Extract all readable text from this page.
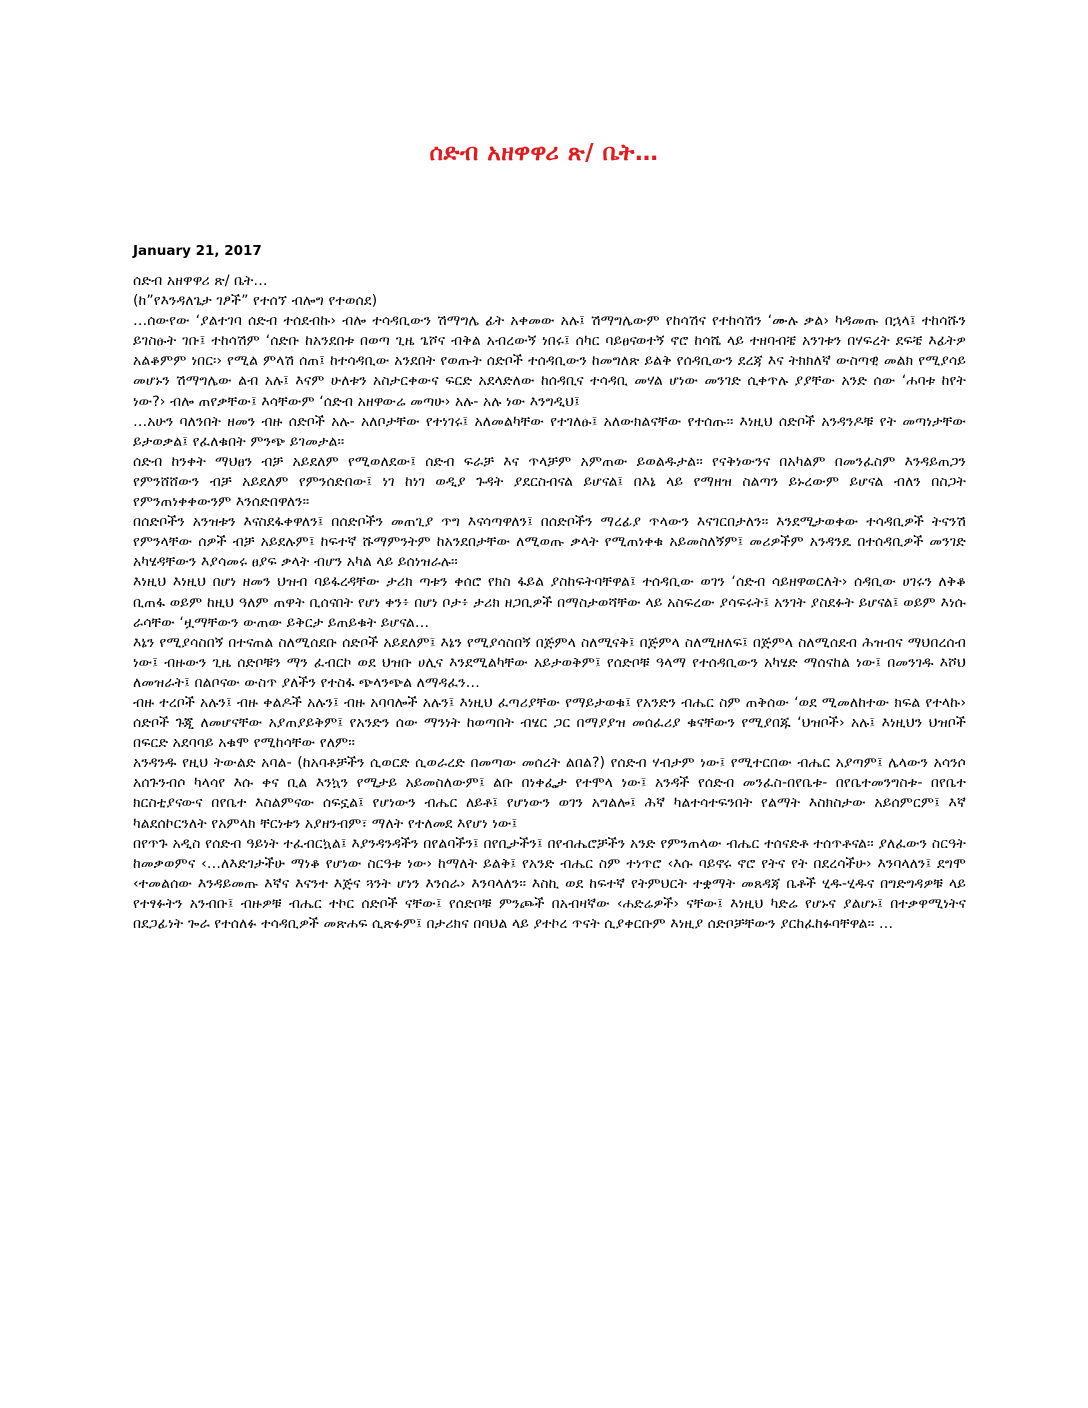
ሰድብ አዘዋዋሪ ጽ/ ቤት…
January 21, 2017

ሰድብ አዘዋዋሪ ጽ/ ቤት…

(ከ”የእንዳለጌታ ገፆች” የተሰኘ ብሎግ የተወሰደ)

…ሰውየው ‘ያልተገባ ሰድብ ተሰደብኩ› ብሎ ተሳዳቢውን ሽማግሌ ፊት አቀመው አሉ፤ ሽማግሌውም የከሳሽና የተከሳሽን ‘ሙሉ ቃል› ካዳመጡ በኋላ፤ ተከሳሹን ይገስፁት ገቡ፤ ተከሳሽም ‘ሰድቡ ከአንደበቱ በወጣ ጊዜ ጌሾና ብቅል አብረውኝ ነበሩ፤ ሰካር ባይፀናወተኝ ኖሮ ከሳሼ ላይ ተዘባብቼ አንገቱን በሃፍረት ደፍቼ እፊትዎ አልቆምም ነበር፡› የሚል ምላሽ ሰጠ፤ ከተሳዳቢው አንደበት የወጡት ሰድቦች ተሰዳቢውን ከመግለጽ ይልቅ የሰዳቢውን ደረጃ እና ትክክለኛ ውስጣዊ መልክ የሚያሳይ መሆኑን ሽማግሌው ልብ አሉ፤ እናም ሁለቱን አስታርቀውና ፍርድ አደላድለው ከሰዳቢና ተሳዳቢ መሃል ሆነው መንገድ ሲቀጥሉ ያያቸው አንድ ሰው ‘ሐባቱ ከየት ነው?› ብሎ ጠየቃቸው፤ እሳቸውም ‘ሰድብ አዘዋውሬ መጣሁ› አሉ- አሉ ነው እንግዲህ፤

…አሁን ባለንበት ዘመን ብዙ ሰድቦች አሉ- አለቦታቸው የተነገሩ፤ አለመልካቸው የተገለፁ፤ አለውክልናቸው የተሰጡ፡፡ እነዚህ ሰድቦች አንዳንዶቹ የት መጣነታቸው ይታወቃል፤ የፈለቁበት ምንጭ ይገመታል፡፡

ሰድብ ከንቀት ማህፀን ብቻ አይደለም የሚወለደው፤ ሰድብ ፍራቻ እና ጥላቻም አምጠው ይወልዱታል፡፡ የናቅነውንና በአካልም በመንፈስም እንዳይጠጋን የምንሸሸውን ብቻ አይደለም የምንሰድበው፤ ነገ ከነገ ወዲያ ጉዳት ያደርስብናል ይሆናል፤ በእኔ ላይ የማዘዝ ስልጣን ይኑረውም ይሆናል ብለን በስጋት የምንጠነቀቀውንም እንሰድበዋለን፡፡

በሰድቦችን አንዝቱን እናስደፋቀዋለን፤ በሰድቦችን መጠጊያ ጥግ እናሳጣዋለን፤ በሰድቦችን ማረፊያ ጥላውን እናገርበታለን፡፡ እንደሚታወቀው ተሳዳቢዎች ትናንሽ የምንላቸው ሰዎች ብቻ አይደሉም፤ ከፍተኛ ሹማምንትም ከአንደበታቸው ለሚወጡ ቃላት የሚጠነቀቁ አይመስለኝም፤ መሪዎችም አንዳንዴ በተሰዳቢዎች መንገድ አካሄዳቸውን እያሳመሩ ፀያፍ ቃላት ብሆን አካል ላይ ይሰነዝራሉ፡፡

እነዚህ እነዚህ በሆነ ዘመን ህዝብ ባይፋረዳቸው ታሪክ ጣቱን ቀሰሮ የክስ ፋይል ያስከፍትባቸዋል፤ ተሰዳቢው ወገን ‘ሰድብ ሳይዘዋወርለት› ሰዳቢው ሀገሩን ለቅቆ ቢጠፋ ወይም ከዚህ ዓለም ጠዋት ቢሰናበት የሆነ ቀን፥ በሆነ ቦታ፥ ታሪክ ዘጋቢዎች በማስታወሻቸው ላይ አስፍረው ያሳፍሩት፤ አንገት ያስደፉት ይሆናል፤ ወይም እነሱ ራሳቸው ‘ዟማቸውን ውጠው ይቅርታ ይጠይቁት ይሆናል…

እኔን የሚያሳስበኝ በተናጠል ስለሚሰደቡ ሰድቦች አይደለም፤ እኔን የሚያሳስበኝ በጅምላ ስለሚናቅ፤ በጅምላ ስለሚዘለፍ፤ በጅምላ ስለሚሰደብ ሕዝብና ማህበረሰብ ነው፤ ብዙውን ጊዜ ሰድቦቹን ማን ፈብርኮ ወደ ህዝቡ ሀሊና እንደሚልካቸው አይታወቅም፤ የሰድቦቹ ዓላማ የተሰዳቢውን አካሄድ ማሰናከል ነው፤ በመንገዱ እሾህ ለመዝራት፤ በልቦናው ውስጥ ያለችን የተስፋ ጭላንጭል ለማዳፈን…

ብዙ ተረቦች አሉን፤ ብዙ ቀልዶች አሉን፤ ብዙ አባባሎች አሉን፤ እነዚህ ፈጣሪያቸው የማይታወቁ፤ የአንድን ብሔር ስም ጠቅሰው ‘ወደ ሚመለከተው ክፍል የተላኩ› ሰድቦች ጉጂ ለመሆናቸው አያጠያይቅም፤ የአንድን ሰው ማንነት ከወጣበት ብሄር ጋር በማያያዝ መሰፈሪያ ቁናቸውን የሚያበጁ ‘ህዝቦች› አሉ፤ እነዚህን ህዝቦች በፍርድ አደባባይ አቁሞ የሚከሳቸው የለም፡፡

አንዳንዱ የዚህ ትውልድ አባል- (ከአባቶቻችን ሲወርድ ሲወራረድ በመጣው መሰረት ልበል?) የሰድብ ሃብታም ነው፤ የሚተርበው ብሔር አያጣም፤ ሌላውን አሳንሶ አሰጉንብሶ ካላሳየ እሱ ቀና ቢል እንኳን የሚታይ አይመስለውም፤ ልቡ በነቀፌታ የተሞላ ነው፤ አንዳች የሰድብ መንፈስ-በየቤቱ- በየቤተመንግስቱ- በየቤተ ክርስቲያናውና በየቤተ እስልምናው ሰፍኗል፤ የሆነውን ብሔር ለይቶ፤ የሆነውን ወገን አግልሎ፤ ሕኛ ካልተሳተፍንበት የልማት እስክስታው አይሰምርም፤ እኛ ካልደሰኮርንለት የአምላክ ቸርነቱን አያዘንብም፣ ማለት የተለመደ እየሆነ ነው፤

በየጥጉ አዲስ የሰድብ ዓይነት ተፈብርኳል፤ እያንዳንዳችን በየልባችን፤ በየቢታችን፤ በየብሔሮቻችን አንድ የምንጠላው ብሔር ተሰናድቶ ተሰጥቶናል፡፡ ያለፈውን ስርዓት ከመቃወምና ‹…ለእድገታችሁ ማነቆ የሆነው ስርዓቱ ነው› ከማለት ይልቅ፤ የአንድ ብሔር ስም ተነጥሮ ‹እሱ ባይኖሩ ኖሮ የትና የት በደረሳችሁ› እንባላለን፤ ደግሞ ‹ተመልሰው እንዳይመጡ እኛና እናንተ እጅና ጓንት ሆነን እንሰራ› እንባላለን፡፡ እስኪ ወደ ከፍተኛ የትምህርት ተቋማት መጸዳጃ ቤቶች ሂዱ-ሂዱና በግድግዳዎቹ ላይ የተፃፉትን አንብቡ፤ ብዙዎቹ ብሔር ተኮር ሰድቦች ናቸው፤ የሰድቦቹ ምንጮች በአብዛኛው ‹ሐድሬዎች› ናቸው፤ እነዚህ ካድሬ የሆኑና ያልሆኑ፤ በተቃዋሚነትና በደጋፊነት ጐራ የተሰለፉ ተሳዳቢዎች መጽሐፍ ሲጽፉም፤ በታሪክና በባህል ላይ ያተኮረ ጥናት ሲያቀርቡም እነዚያ ሰድቦቻቸውን ያርከፈከፉባቸዋል፡፡ …
